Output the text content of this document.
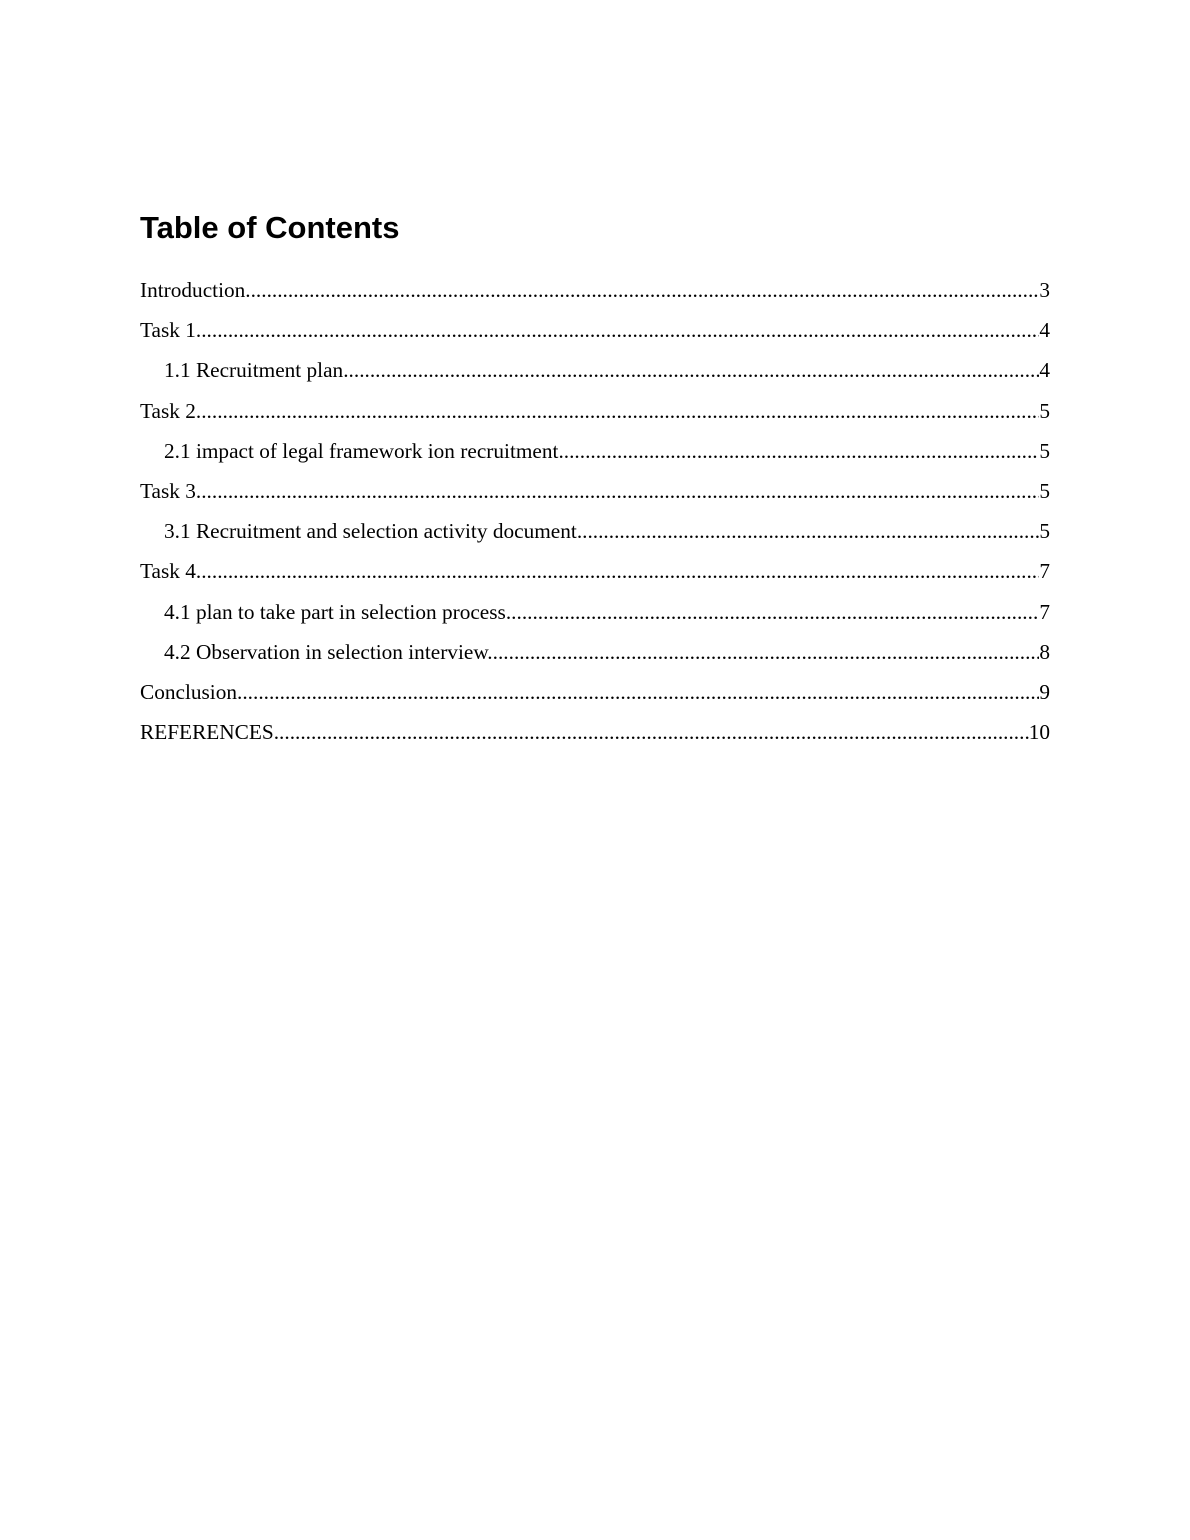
Table of Contents
Introduction .....	3
Task 1 .....	4
1.1 Recruitment plan .....	4
Task 2 .....	5
2.1 impact of legal framework ion recruitment .....	5
Task 3 .....	5
3.1 Recruitment and selection activity document .....	5
Task 4 .....	7
4.1 plan to take part in selection process .....	7
4.2 Observation in selection interview. .....	8
Conclusion .....	9
REFERENCES .....	10
